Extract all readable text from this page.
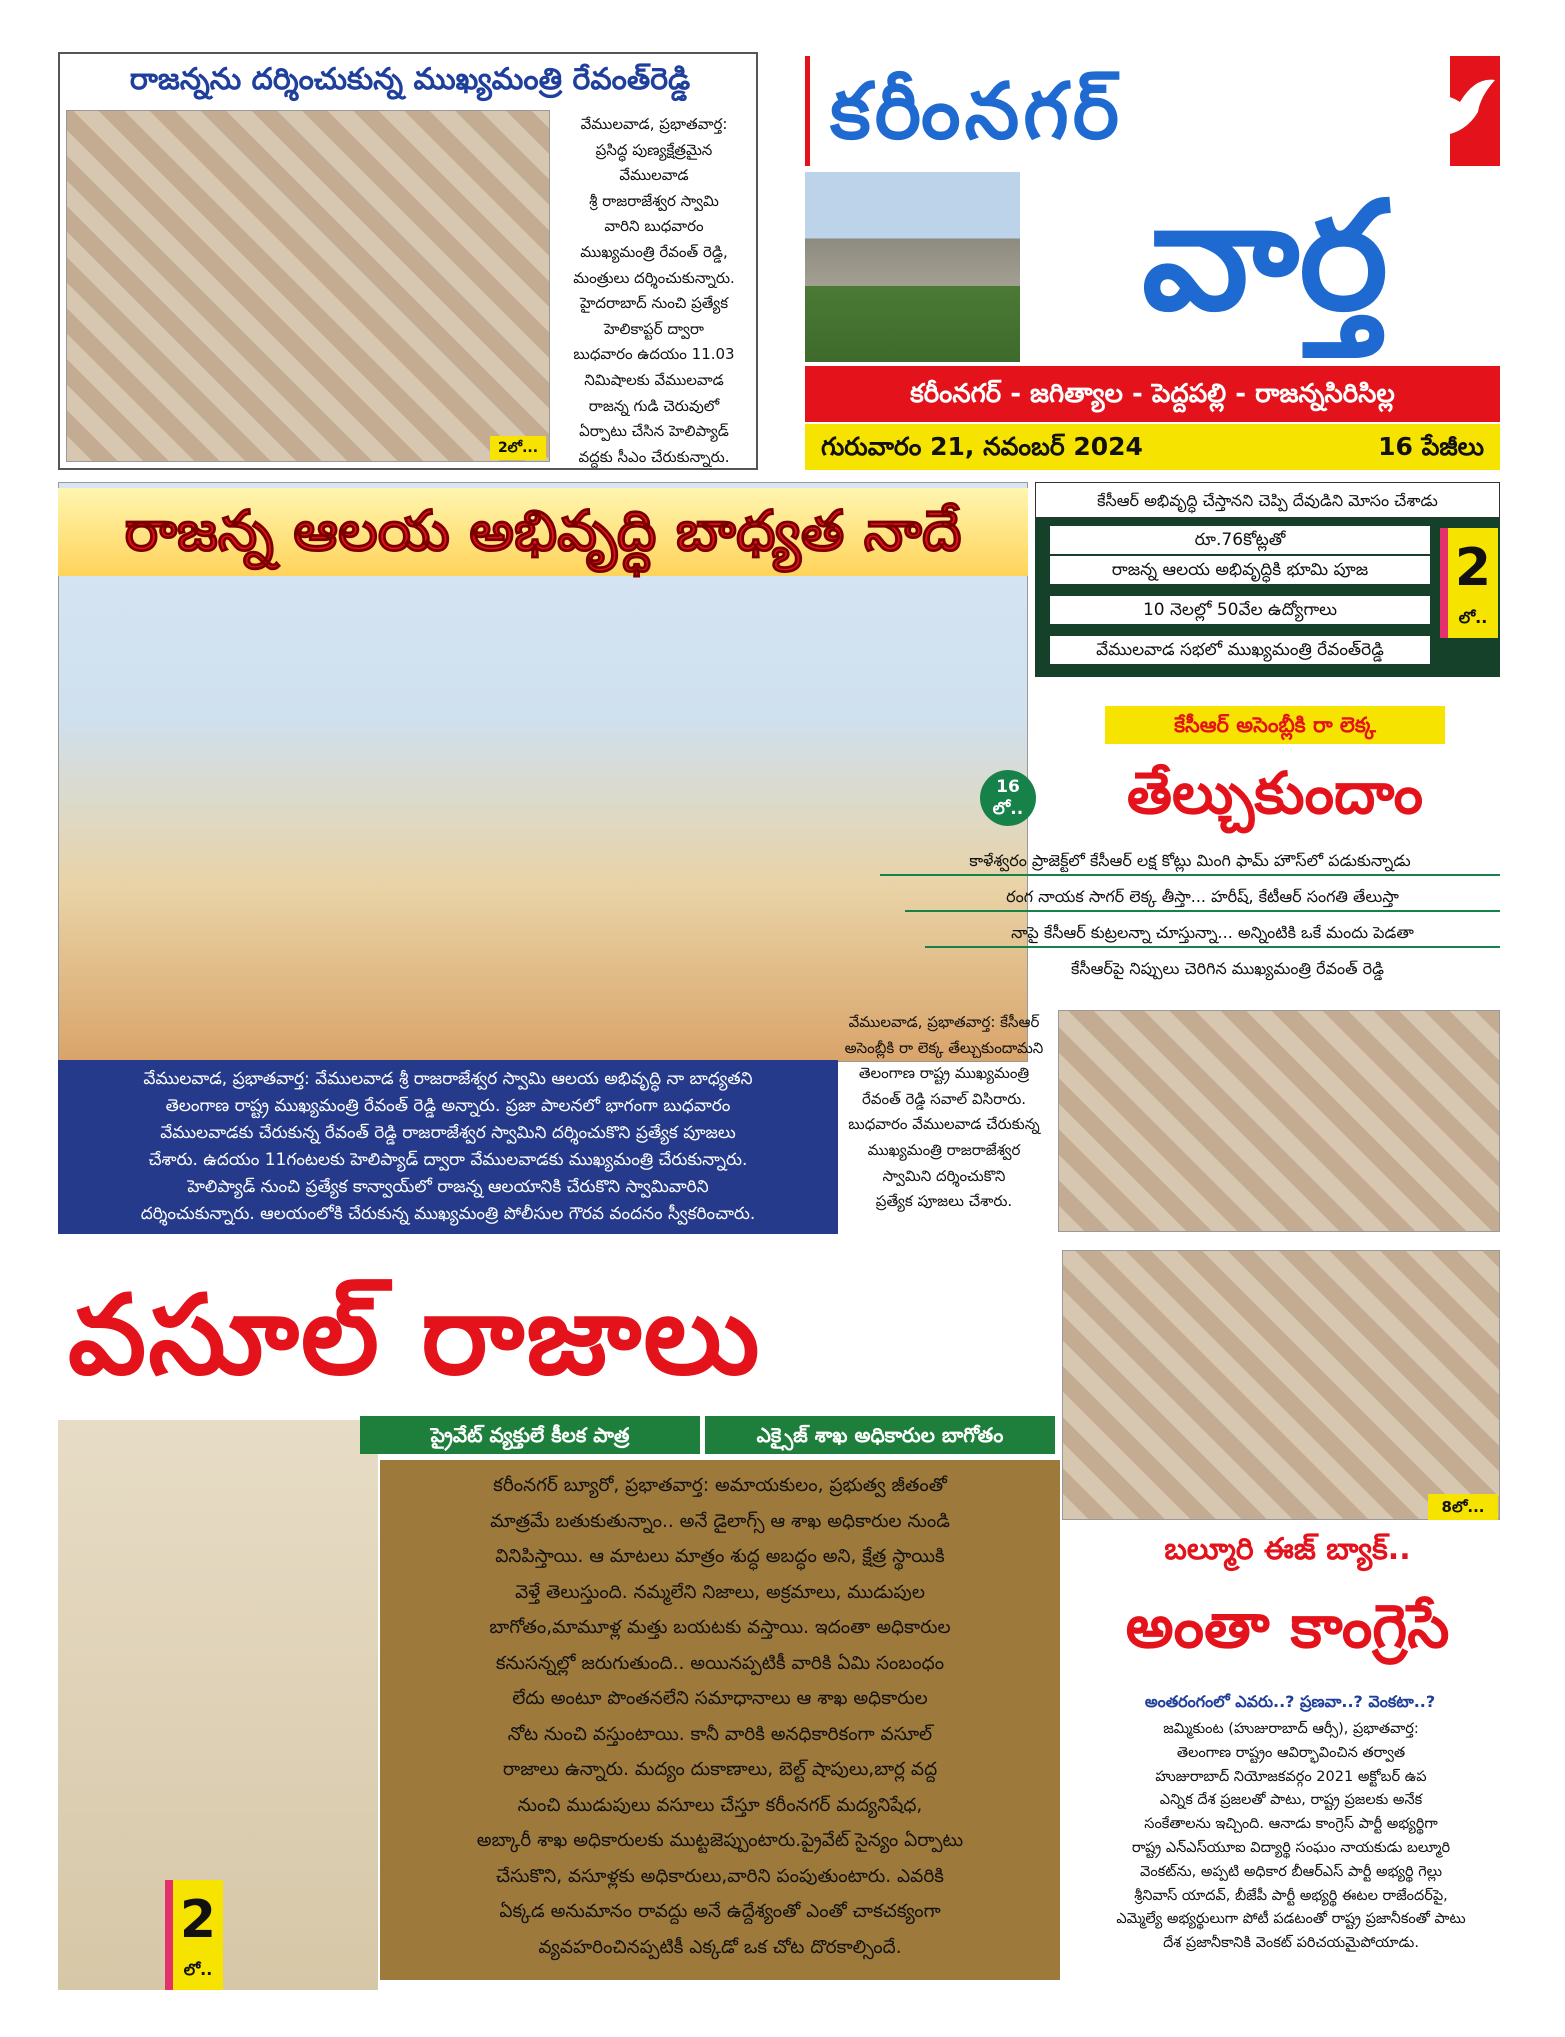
రాజన్నను దర్శించుకున్న ముఖ్యమంత్రి రేవంత్‌రెడ్డి
వేములవాడ, ప్రభాతవార్త:
ప్రసిద్ధ పుణ్యక్షేత్రమైన
వేములవాడ
శ్రీ రాజరాజేశ్వర స్వామి
వారిని బుధవారం
ముఖ్యమంత్రి రేవంత్ రెడ్డి,
మంత్రులు దర్శించుకున్నారు.
హైదరాబాద్ నుంచి ప్రత్యేక
హెలికాప్టర్ ద్వారా
బుధవారం ఉదయం 11.03
నిమిషాలకు వేములవాడ
రాజన్న గుడి చెరువులో
ఏర్పాటు చేసిన హెలిప్యాడ్
వద్దకు సీఎం చేరుకున్నారు.
2లో...
కరీంనగర్
వార్త
కరీంనగర్ - జగిత్యాల - పెద్దపల్లి - రాజన్నసిరిసిల్ల
గురువారం 21, నవంబర్ 2024	16 పేజీలు
రాజన్న ఆలయ అభివృద్ధి బాధ్యత నాదే

వేములవాడ, ప్రభాతవార్త: వేములవాడ శ్రీ రాజరాజేశ్వర స్వామి ఆలయ అభివృద్ధి నా బాధ్యతని

తెలంగాణ రాష్ట్ర ముఖ్యమంత్రి రేవంత్ రెడ్డి అన్నారు. ప్రజా పాలనలో భాగంగా బుధవారం

వేములవాడకు చేరుకున్న రేవంత్ రెడ్డి రాజరాజేశ్వర స్వామిని దర్శించుకొని ప్రత్యేక పూజలు

చేశారు. ఉదయం 11గంటలకు హెలిప్యాడ్ ద్వారా వేములవాడకు ముఖ్యమంత్రి చేరుకున్నారు.

హెలిప్యాడ్ నుంచి ప్రత్యేక కాన్వాయ్‌లో రాజన్న ఆలయానికి చేరుకొని స్వామివారిని

దర్శించుకున్నారు. ఆలయంలోకి చేరుకున్న ముఖ్యమంత్రి పోలీసుల గౌరవ వందనం స్వీకరించారు.

కేసీఆర్ అభివృద్ధి చేస్తానని చెప్పి దేవుడిని మోసం చేశాడు
రూ.76కోట్లతో
రాజన్న ఆలయ అభివృద్ధికి భూమి పూజ
10 నెలల్లో 50వేల ఉద్యోగాలు
వేములవాడ సభలో ముఖ్యమంత్రి రేవంత్‌రెడ్డి
2
లో..
కేసీఆర్ అసెంబ్లీకి రా లెక్క
తేల్చుకుందాం
16
లో..
కాళేశ్వరం ప్రాజెక్ట్‌లో కేసీఆర్ లక్ష కోట్లు మింగి ఫామ్ హౌస్‌లో పడుకున్నాడు
రంగ నాయక సాగర్ లెక్క తీస్తా... హరీష్, కేటీఆర్ సంగతి తేలుస్తా
నాపై కేసీఆర్ కుట్రలన్నా చూస్తున్నా... అన్నింటికి ఒకే మందు పెడతా
కేసీఆర్‌పై నిప్పులు చెరిగిన ముఖ్యమంత్రి రేవంత్ రెడ్డి
వేములవాడ, ప్రభాతవార్త: కేసీఆర్
అసెంబ్లీకి రా లెక్క తేల్చుకుందామని
తెలంగాణ రాష్ట్ర ముఖ్యమంత్రి
రేవంత్ రెడ్డి సవాల్ విసిరారు.
బుధవారం వేములవాడ చేరుకున్న
ముఖ్యమంత్రి రాజరాజేశ్వర
స్వామిని దర్శించుకొని
ప్రత్యేక పూజలు చేశారు.
వసూల్ రాజాలు
8లో...
ప్రైవేట్ వ్యక్తులే కీలక పాత్ర	ఎక్సైజ్ శాఖ అధికారుల బాగోతం

కరీంనగర్ బ్యూరో, ప్రభాతవార్త: అమాయకులం, ప్రభుత్వ జీతంతో

మాత్రమే బతుకుతున్నాం.. అనే డైలాగ్స్ ఆ శాఖ అధికారుల నుండి

వినిపిస్తాయి. ఆ మాటలు మాత్రం శుద్ధ అబద్ధం అని, క్షేత్ర స్థాయికి

వెళ్తే తెలుస్తుంది. నమ్మలేని నిజాలు, అక్రమాలు, ముడుపుల

బాగోతం,మామూళ్ల మత్తు బయటకు వస్తాయి. ఇదంతా అధికారుల

కనుసన్నల్లో జరుగుతుంది.. అయినప్పటికీ వారికి ఏమి సంబంధం

లేదు అంటూ పొంతనలేని సమాధానాలు ఆ శాఖ అధికారుల

నోట నుంచి వస్తుంటాయి. కానీ వారికి అనధికారికంగా వసూల్

రాజాలు ఉన్నారు. మద్యం దుకాణాలు, బెల్ట్ షాపులు,బార్ల వద్ద

నుంచి ముడుపులు వసూలు చేస్తూ కరీంనగర్ మద్యనిషేధ,

అబ్కారీ శాఖ అధికారులకు ముట్టజెప్పుంటారు.ప్రైవేట్ సైన్యం ఏర్పాటు

చేసుకొని, వసూళ్లకు అధికారులు,వారిని పంపుతుంటారు. ఎవరికి

ఏక్కడ అనుమానం రావద్దు అనే ఉద్దేశ్యంతో ఎంతో చాకచక్యంగా

వ్యవహరించినప్పటికీ ఎక్కడో ఒక చోట దొరకాల్సిందే.

2
లో..
బల్మూరి ఈజ్ బ్యాక్..
అంతా కాంగ్రెసే
అంతరంగంలో ఎవరు..? ప్రణవా..? వెంకటా..?
జమ్మికుంట (హుజురాబాద్ ఆర్సీ), ప్రభాతవార్త:
తెలంగాణ రాష్ట్రం ఆవిర్భావించిన తర్వాత
హుజురాబాద్ నియోజకవర్గం 2021 అక్టోబర్ ఉప
ఎన్నిక దేశ ప్రజలతో పాటు, రాష్ట్ర ప్రజలకు అనేక
సంకేతాలను ఇచ్చింది. ఆనాడు కాంగ్రెస్ పార్టీ అభ్యర్థిగా
రాష్ట్ర ఎన్ఎస్‌యూఐ విద్యార్థి సంఘం నాయకుడు బల్మూరి
వెంకట్‌ను, అప్పటి అధికార బీఆర్ఎస్ పార్టీ అభ్యర్థి గెల్లు
శ్రీనివాస్ యాదవ్, బీజేపీ పార్టీ అభ్యర్థి ఈటల రాజేందర్‌పై,
ఎమ్మెల్యే అభ్యర్థులుగా పోటీ పడటంతో రాష్ట్ర ప్రజానీకంతో పాటు
దేశ ప్రజానీకానికి వెంకట్ పరిచయమైపోయాడు.
